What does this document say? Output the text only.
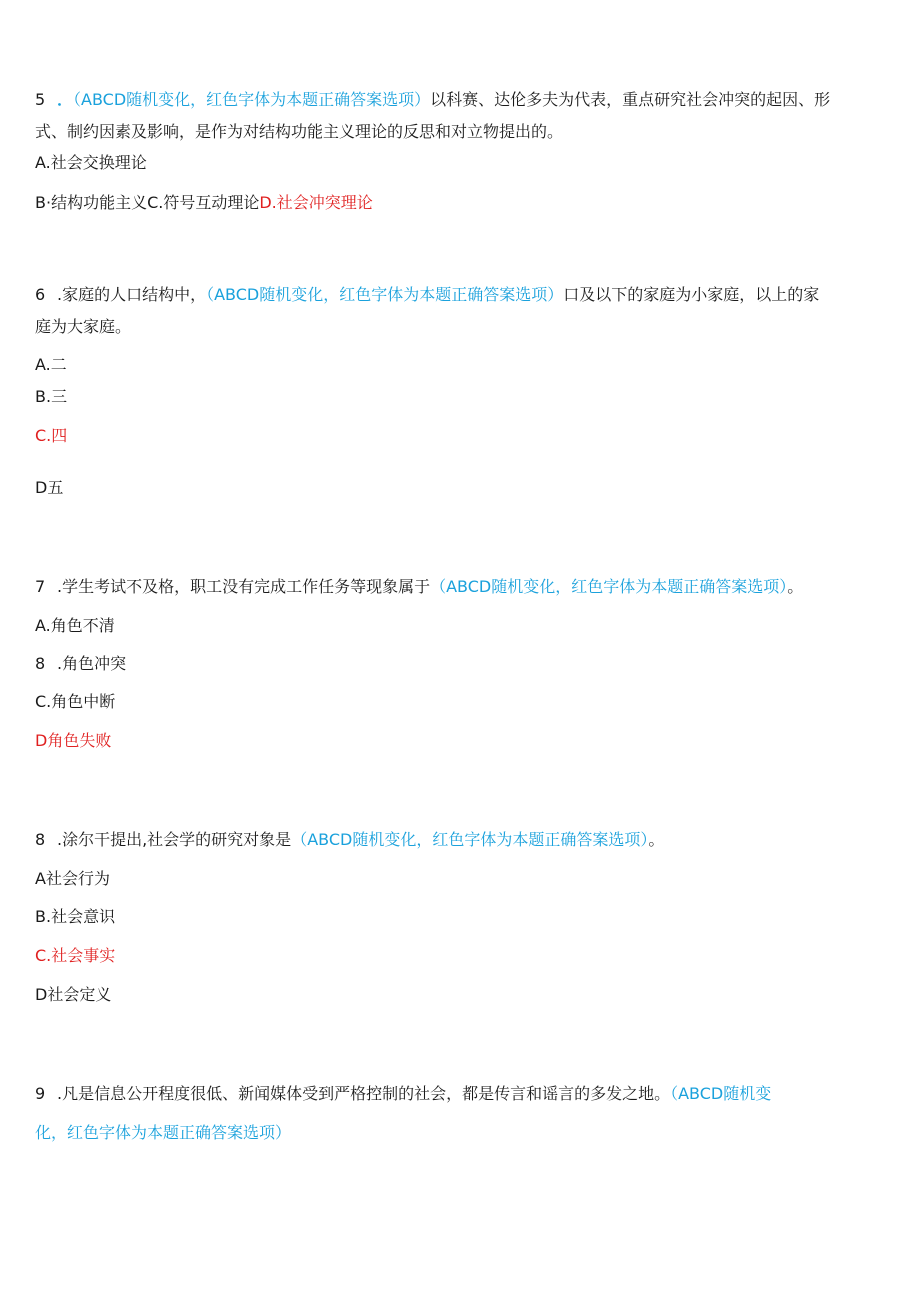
5 ．（ABCD随机变化，红色字体为本题正确答案选项）以科赛、达伦多夫为代表，重点研究社会冲突的起因、形
式、制约因素及影响，是作为对结构功能主义理论的反思和对立物提出的。
A.社会交换理论
B·结构功能主义C.符号互动理论D.社会冲突理论
6 .家庭的人口结构中，（ABCD随机变化，红色字体为本题正确答案选项）口及以下的家庭为小家庭，以上的家
庭为大家庭。
A.二
B.三
C.四
D五
7 .学生考试不及格，职工没有完成工作任务等现象属于（ABCD随机变化，红色字体为本题正确答案选项）。
A.角色不清
8 .角色冲突
C.角色中断
D角色失败
8 .涂尔干提出,社会学的研究对象是（ABCD随机变化，红色字体为本题正确答案选项）。
A社会行为
B.社会意识
C.社会事实
D社会定义
9 .凡是信息公开程度很低、新闻媒体受到严格控制的社会，都是传言和谣言的多发之地。（ABCD随机变
化，红色字体为本题正确答案选项）
